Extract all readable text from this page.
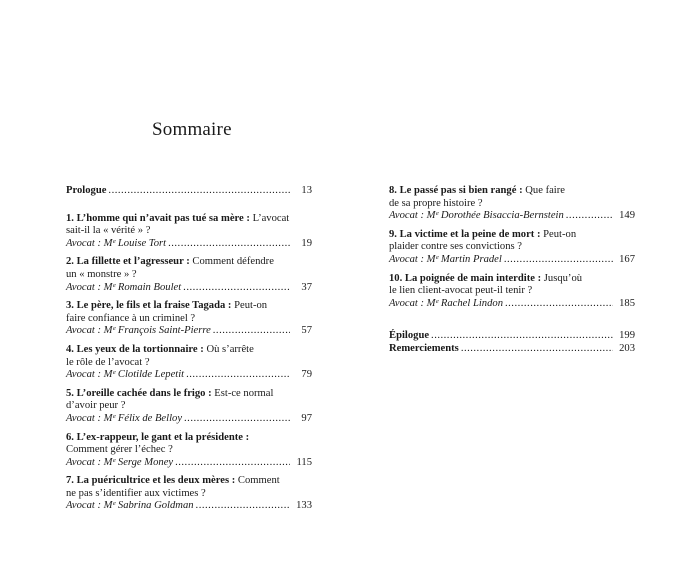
Sommaire
Prologue .....	13
1. L’homme qui n’avait pas tué sa mère : L’avocat
sait-il la « vérité » ?
Avocat : Mᵉ Louise Tort .....	19
2. La fillette et l’agresseur : Comment défendre
un « monstre » ?
Avocat : Mᵉ Romain Boulet .....	37
3. Le père, le fils et la fraise Tagada : Peut-on
faire confiance à un criminel ?
Avocat : Mᵉ François Saint-Pierre .....	57
4. Les yeux de la tortionnaire : Où s’arrête
le rôle de l’avocat ?
Avocat : Mᵉ Clotilde Lepetit .....	79
5. L’oreille cachée dans le frigo : Est-ce normal
d’avoir peur ?
Avocat : Mᵉ Félix de Belloy .....	97
6. L’ex-rappeur, le gant et la présidente :
Comment gérer l’échec ?
Avocat : Mᵉ Serge Money .....	115
7. La puéricultrice et les deux mères : Comment
ne pas s’identifier aux victimes ?
Avocat : Mᵉ Sabrina Goldman .....	133
8. Le passé pas si bien rangé : Que faire
de sa propre histoire ?
Avocat : Mᵉ Dorothée Bisaccia-Bernstein .....	149
9. La victime et la peine de mort : Peut-on
plaider contre ses convictions ?
Avocat : Mᵉ Martin Pradel .....	167
10. La poignée de main interdite : Jusqu’où
le lien client-avocat peut-il tenir ?
Avocat : Mᵉ Rachel Lindon .....	185
Épilogue .....	199
Remerciements .....	203
